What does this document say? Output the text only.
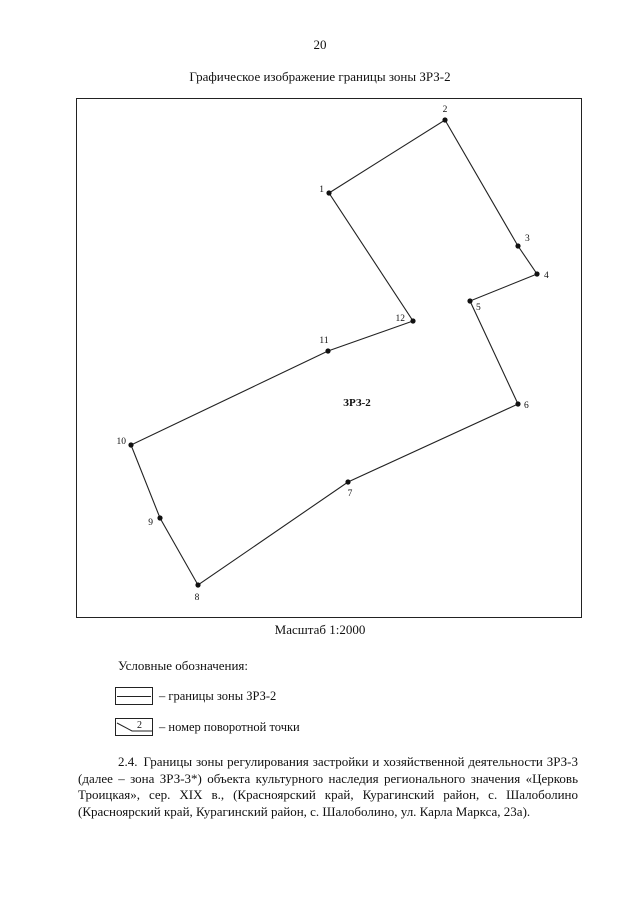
20
Графическое изображение границы зоны ЗРЗ-2
1
2
3
4
5
6
7
8
9
10
11
12
ЗРЗ-2
Масштаб 1:2000
Условные обозначения:
– границы зоны ЗРЗ-2
2 – номер поворотной точки
2.4. Границы зоны регулирования застройки и хозяйственной деятельности ЗРЗ-3 (далее – зона ЗРЗ-3*) объекта культурного наследия регионального значения «Церковь Троицкая», сер. XIX в., (Красноярский край, Курагинский район, с. Шалоболино (Красноярский край, Курагинский район, с. Шалоболино, ул. Карла Маркса, 23а).
